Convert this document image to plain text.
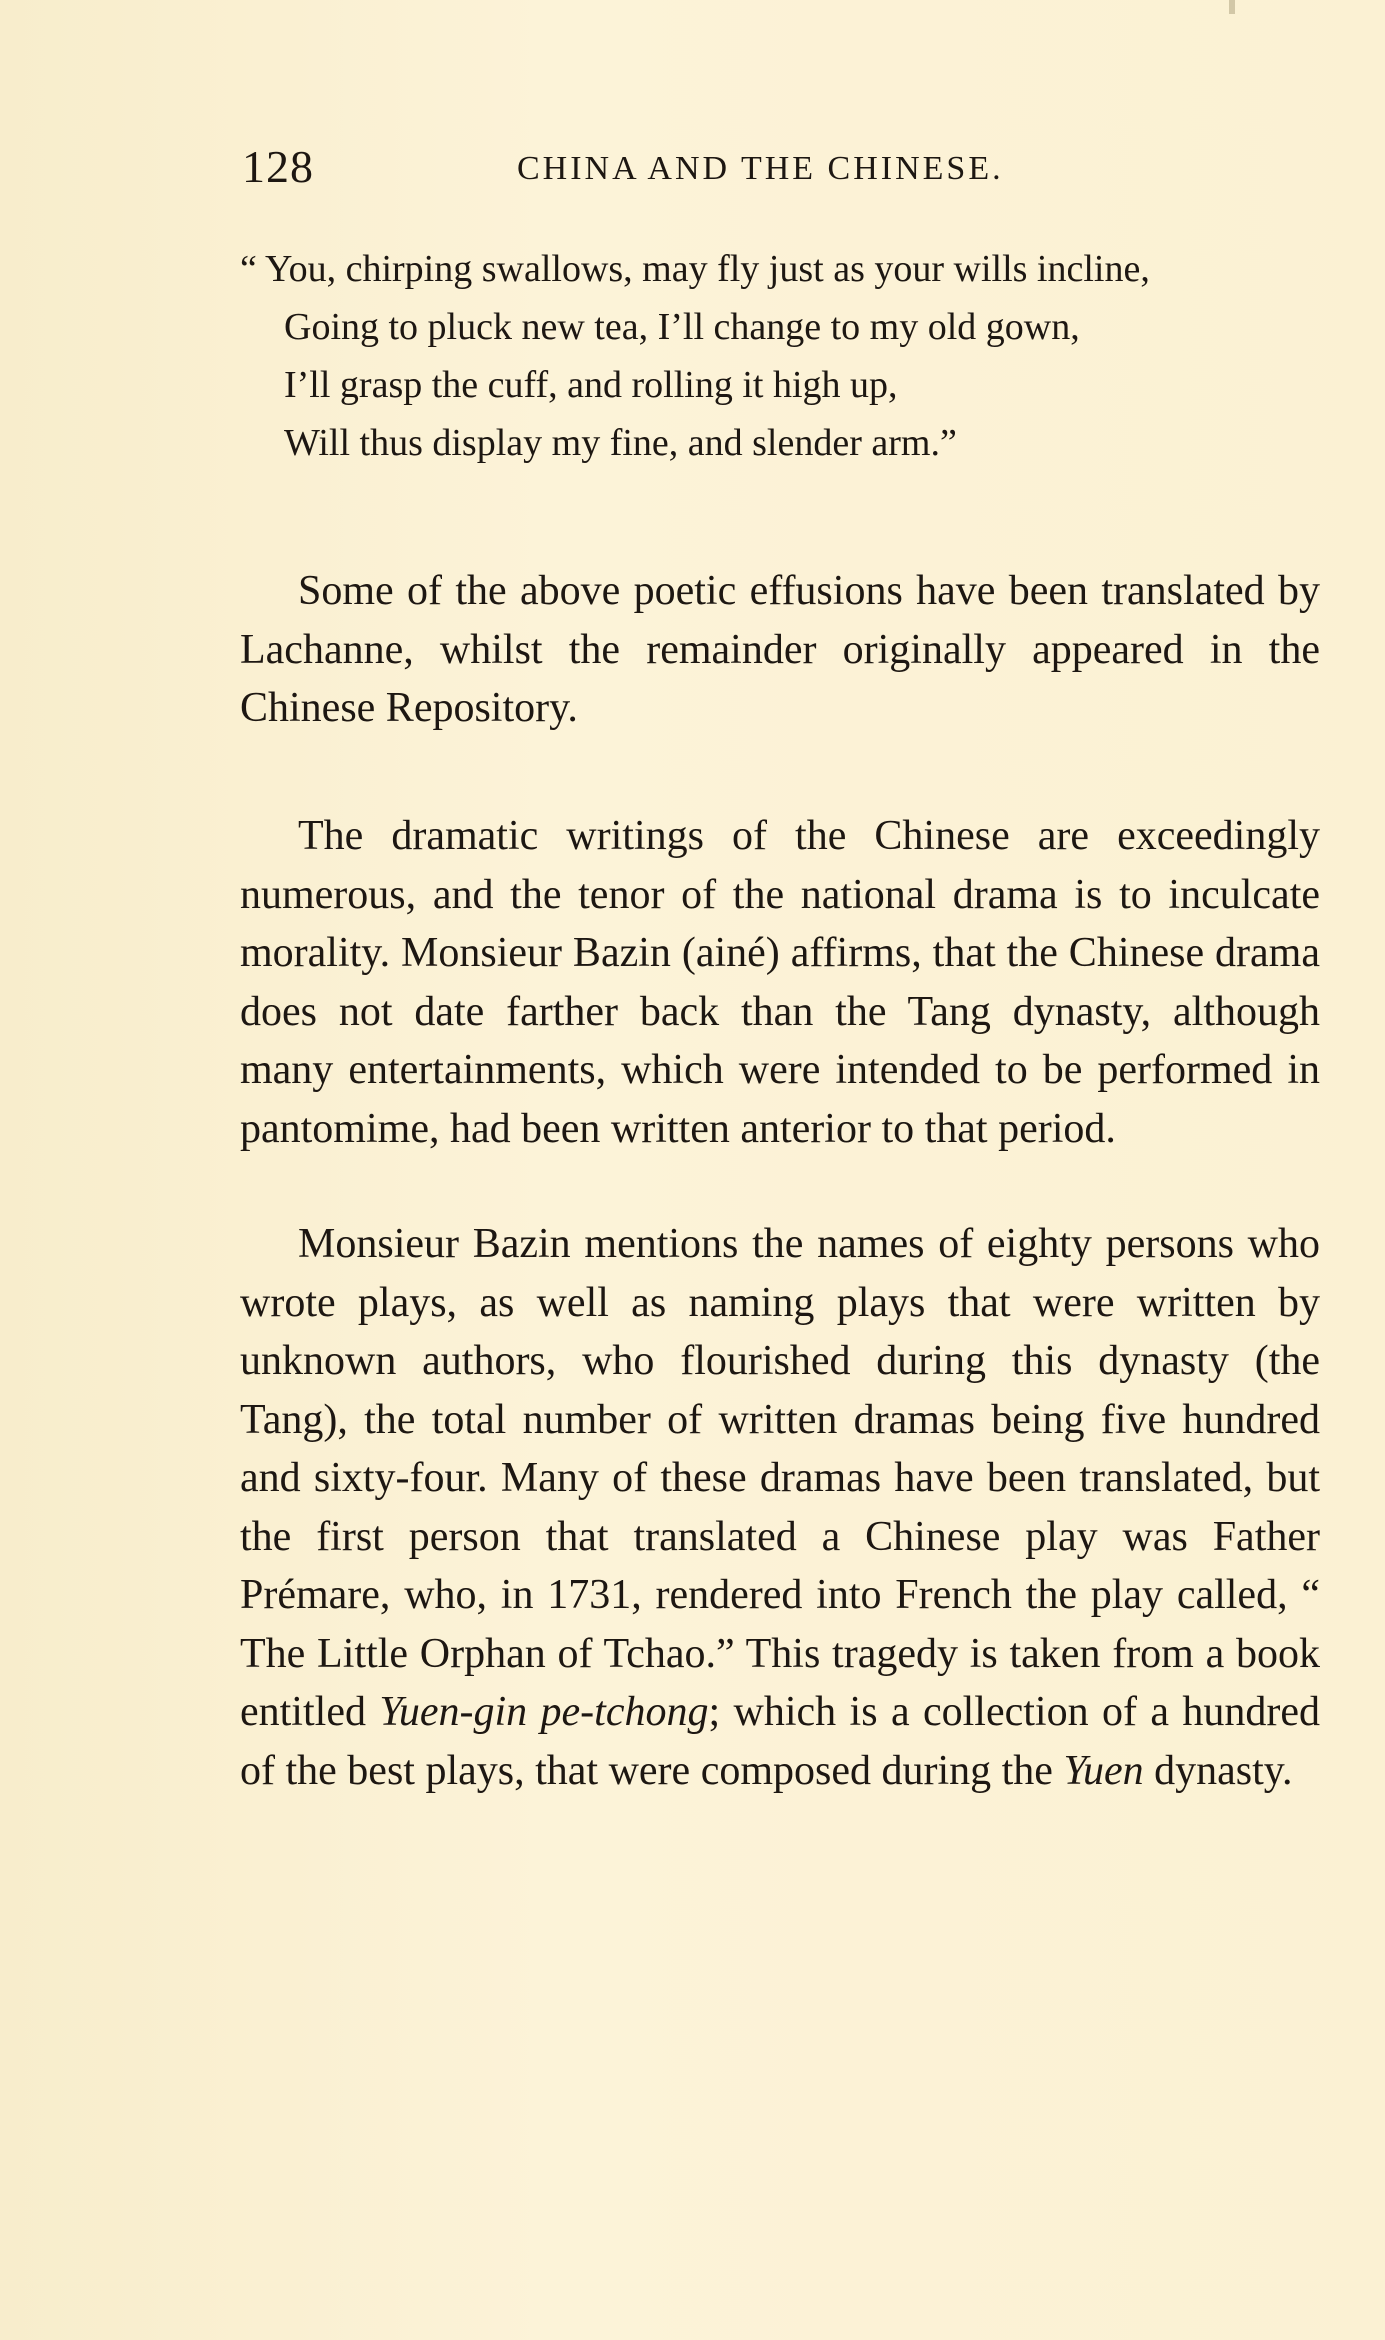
128	CHINA AND THE CHINESE.
“ You, chirping swallows, may fly just as your wills incline,
Going to pluck new tea, I’ll change to my old gown,
I’ll grasp the cuff, and rolling it high up,
Will thus display my fine, and slender arm.”

Some of the above poetic effusions have been translated by Lachanne, whilst the remainder originally appeared in the Chinese Repository.

The dramatic writings of the Chinese are exceedingly numerous, and the tenor of the national drama is to inculcate morality. Monsieur Bazin (ainé) affirms, that the Chinese drama does not date farther back than the Tang dynasty, although many entertainments, which were intended to be performed in pantomime, had been written anterior to that period.

Monsieur Bazin mentions the names of eighty persons who wrote plays, as well as naming plays that were written by unknown authors, who flourished during this dynasty (the Tang), the total number of written dramas being five hundred and sixty-four. Many of these dramas have been translated, but the first person that translated a Chinese play was Father Prémare, who, in 1731, rendered into French the play called, “ The Little Orphan of Tchao.” This tragedy is taken from a book entitled Yuen-gin pe-tchong; which is a collection of a hundred of the best plays, that were composed during the Yuen dynasty.
